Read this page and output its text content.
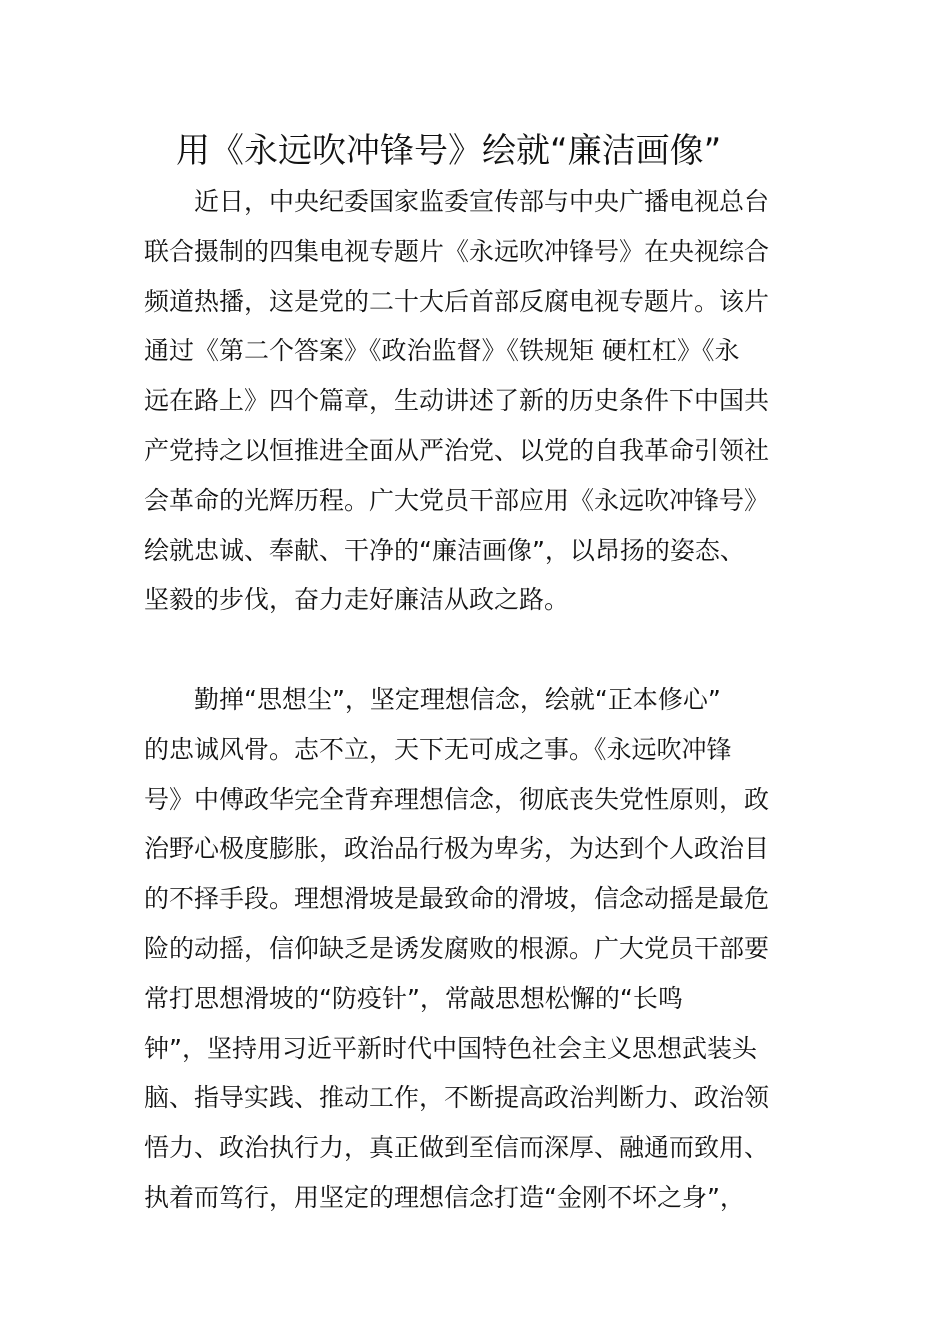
用《永远吹冲锋号》绘就“廉洁画像”
近日，中央纪委国家监委宣传部与中央广播电视总台
联合摄制的四集电视专题片《永远吹冲锋号》在央视综合
频道热播，这是党的二十大后首部反腐电视专题片。该片
通过《第二个答案》《政治监督》《铁规矩 硬杠杠》《永
远在路上》四个篇章，生动讲述了新的历史条件下中国共
产党持之以恒推进全面从严治党、以党的自我革命引领社
会革命的光辉历程。广大党员干部应用《永远吹冲锋号》
绘就忠诚、奉献、干净的“廉洁画像”，以昂扬的姿态、
坚毅的步伐，奋力走好廉洁从政之路。
勤掸“思想尘”，坚定理想信念，绘就“正本修心”
的忠诚风骨。志不立，天下无可成之事。《永远吹冲锋
号》中傅政华完全背弃理想信念，彻底丧失党性原则，政
治野心极度膨胀，政治品行极为卑劣，为达到个人政治目
的不择手段。理想滑坡是最致命的滑坡，信念动摇是最危
险的动摇，信仰缺乏是诱发腐败的根源。广大党员干部要
常打思想滑坡的“防疫针”，常敲思想松懈的“长鸣
钟”，坚持用习近平新时代中国特色社会主义思想武装头
脑、指导实践、推动工作，不断提高政治判断力、政治领
悟力、政治执行力，真正做到至信而深厚、融通而致用、
执着而笃行，用坚定的理想信念打造“金刚不坏之身”，
